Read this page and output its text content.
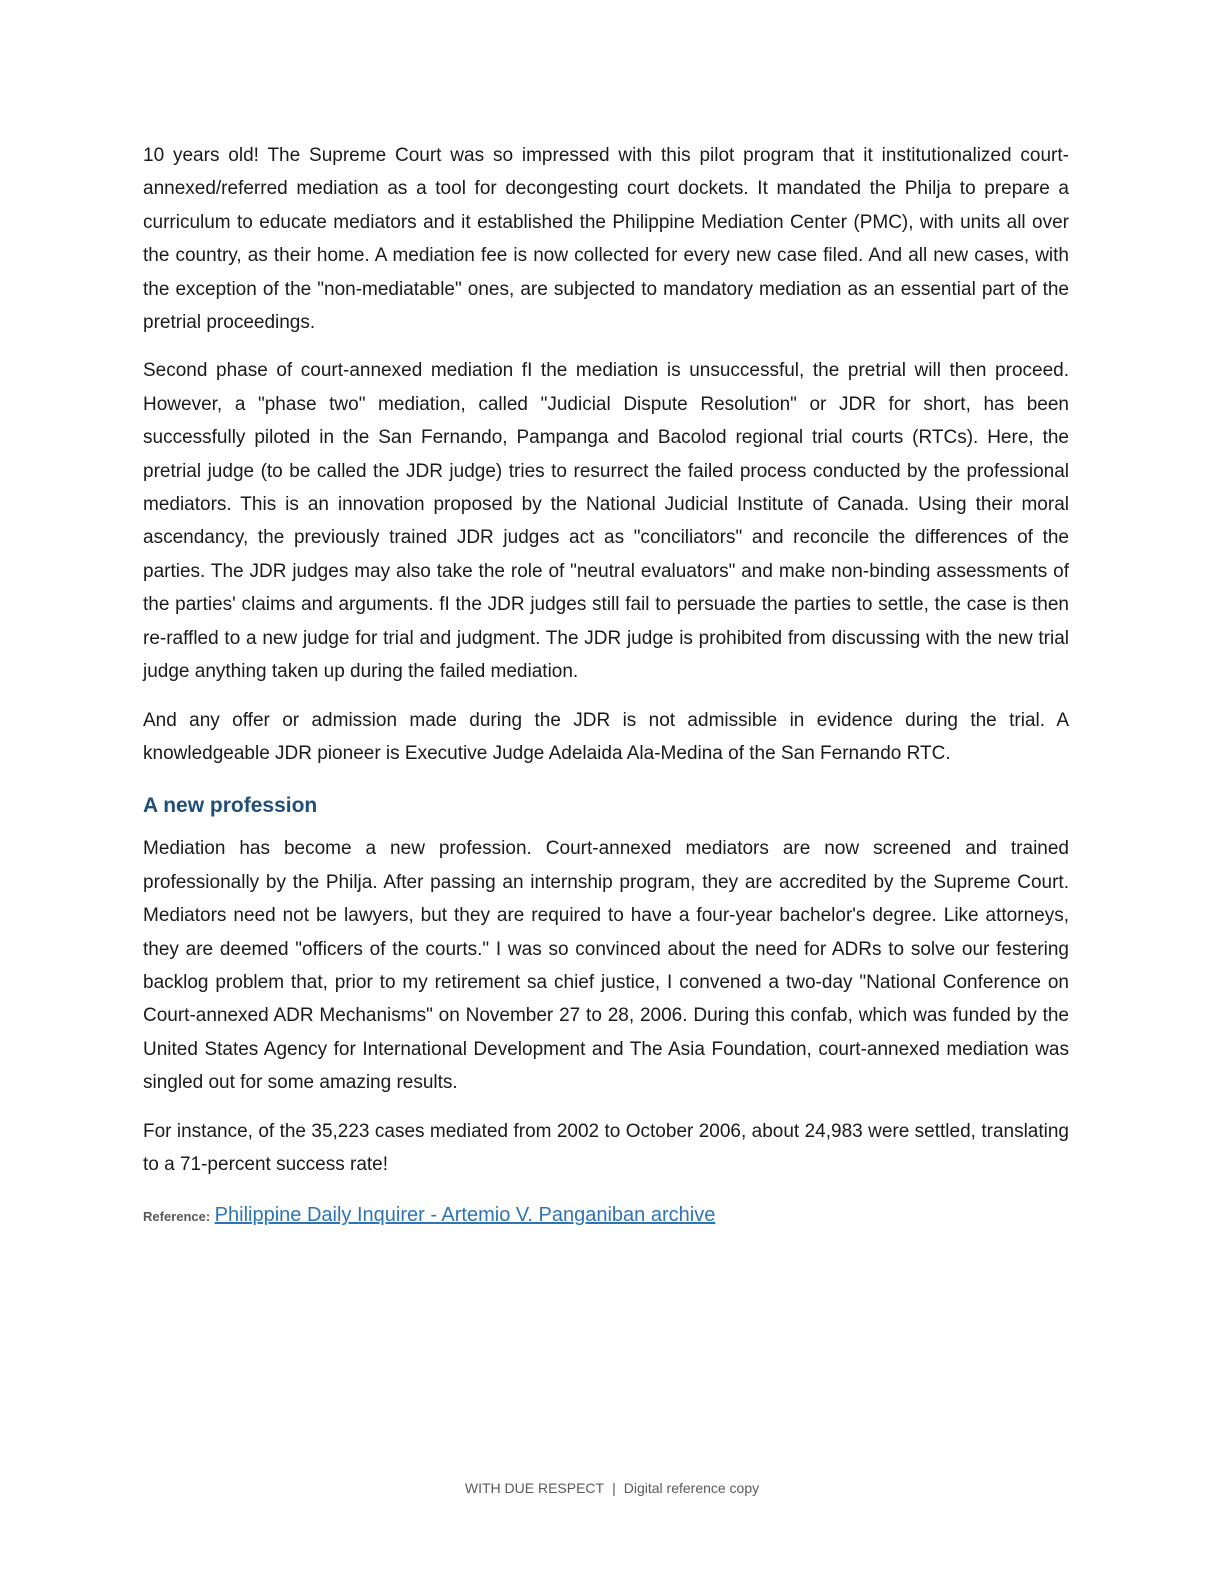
10 years old! The Supreme Court was so impressed with this pilot program that it institutionalized court-annexed/referred mediation as a tool for decongesting court dockets. It mandated the Philja to prepare a curriculum to educate mediators and it established the Philippine Mediation Center (PMC), with units all over the country, as their home. A mediation fee is now collected for every new case filed. And all new cases, with the exception of the "non-mediatable" ones, are subjected to mandatory mediation as an essential part of the pretrial proceedings.

Second phase of court-annexed mediation fI the mediation is unsuccessful, the pretrial will then proceed. However, a "phase two" mediation, called "Judicial Dispute Resolution" or JDR for short, has been successfully piloted in the San Fernando, Pampanga and Bacolod regional trial courts (RTCs). Here, the pretrial judge (to be called the JDR judge) tries to resurrect the failed process conducted by the professional mediators. This is an innovation proposed by the National Judicial Institute of Canada. Using their moral ascendancy, the previously trained JDR judges act as "conciliators" and reconcile the differences of the parties. The JDR judges may also take the role of "neutral evaluators" and make non-binding assessments of the parties' claims and arguments. fI the JDR judges still fail to persuade the parties to settle, the case is then re-raffled to a new judge for trial and judgment. The JDR judge is prohibited from discussing with the new trial judge anything taken up during the failed mediation.

And any offer or admission made during the JDR is not admissible in evidence during the trial. A knowledgeable JDR pioneer is Executive Judge Adelaida Ala-Medina of the San Fernando RTC.

A new profession

Mediation has become a new profession. Court-annexed mediators are now screened and trained professionally by the Philja. After passing an internship program, they are accredited by the Supreme Court. Mediators need not be lawyers, but they are required to have a four-year bachelor's degree. Like attorneys, they are deemed "officers of the courts." I was so convinced about the need for ADRs to solve our festering backlog problem that, prior to my retirement sa chief justice, I convened a two-day "National Conference on Court-annexed ADR Mechanisms" on November 27 to 28, 2006. During this confab, which was funded by the United States Agency for International Development and The Asia Foundation, court-annexed mediation was singled out for some amazing results.

For instance, of the 35,223 cases mediated from 2002 to October 2006, about 24,983 were settled, translating to a 71-percent success rate!

Reference: Philippine Daily Inquirer - Artemio V. Panganiban archive
WITH DUE RESPECT | Digital reference copy
